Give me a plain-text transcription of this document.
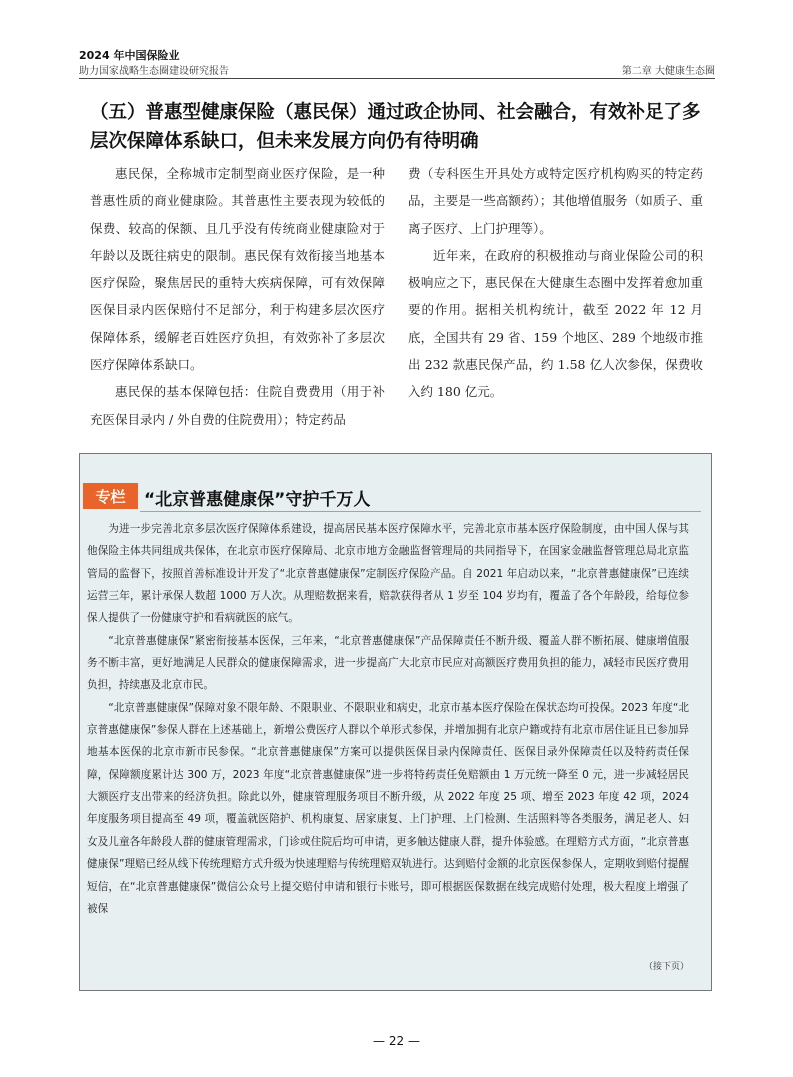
2024 年中国保险业
助力国家战略生态圈建设研究报告	第二章 大健康生态圈
（五）普惠型健康保险（惠民保）通过政企协同、社会融合，有效补足了多层次保障体系缺口，但未来发展方向仍有待明确

惠民保，全称城市定制型商业医疗保险，是一种普惠性质的商业健康险。其普惠性主要表现为较低的保费、较高的保额、且几乎没有传统商业健康险对于年龄以及既往病史的限制。惠民保有效衔接当地基本医疗保险，聚焦居民的重特大疾病保障，可有效保障医保目录内医保赔付不足部分，利于构建多层次医疗保障体系，缓解老百姓医疗负担，有效弥补了多层次医疗保障体系缺口。

惠民保的基本保障包括：住院自费费用（用于补充医保目录内 / 外自费的住院费用）；特定药品

费（专科医生开具处方或特定医疗机构购买的特定药品，主要是一些高额药）；其他增值服务（如质子、重离子医疗、上门护理等）。

近年来，在政府的积极推动与商业保险公司的积极响应之下，惠民保在大健康生态圈中发挥着愈加重要的作用。据相关机构统计，截至 2022 年 12 月底，全国共有 29 省、159 个地区、289 个地级市推出 232 款惠民保产品，约 1.58 亿人次参保，保费收入约 180 亿元。

专栏	“北京普惠健康保”守护千万人

为进一步完善北京多层次医疗保障体系建设，提高居民基本医疗保障水平，完善北京市基本医疗保险制度，由中国人保与其他保险主体共同组成共保体，在北京市医疗保障局、北京市地方金融监督管理局的共同指导下，在国家金融监督管理总局北京监管局的监督下，按照首善标准设计开发了“北京普惠健康保”定制医疗保险产品。自 2021 年启动以来，“北京普惠健康保”已连续运营三年，累计承保人数超 1000 万人次。从理赔数据来看，赔款获得者从 1 岁至 104 岁均有，覆盖了各个年龄段，给每位参保人提供了一份健康守护和看病就医的底气。

“北京普惠健康保”紧密衔接基本医保，三年来，“北京普惠健康保”产品保障责任不断升级、覆盖人群不断拓展、健康增值服务不断丰富，更好地满足人民群众的健康保障需求，进一步提高广大北京市民应对高额医疗费用负担的能力，减轻市民医疗费用负担，持续惠及北京市民。

“北京普惠健康保”保障对象不限年龄、不限职业、不限职业和病史，北京市基本医疗保险在保状态均可投保。2023 年度“北京普惠健康保”参保人群在上述基础上，新增公费医疗人群以个单形式参保，并增加拥有北京户籍或持有北京市居住证且已参加异地基本医保的北京市新市民参保。“北京普惠健康保”方案可以提供医保目录内保障责任、医保目录外保障责任以及特药责任保障，保障额度累计达 300 万，2023 年度“北京普惠健康保”进一步将特药责任免赔额由 1 万元统一降至 0 元，进一步减轻居民大额医疗支出带来的经济负担。除此以外，健康管理服务项目不断升级，从 2022 年度 25 项、增至 2023 年度 42 项，2024 年度服务项目提高至 49 项，覆盖就医陪护、机构康复、居家康复、上门护理、上门检测、生活照料等各类服务，满足老人、妇女及儿童各年龄段人群的健康管理需求，门诊或住院后均可申请，更多触达健康人群，提升体验感。在理赔方式方面，“北京普惠健康保”理赔已经从线下传统理赔方式升级为快速理赔与传统理赔双轨进行。达到赔付金额的北京医保参保人，定期收到赔付提醒短信，在“北京普惠健康保”微信公众号上提交赔付申请和银行卡账号，即可根据医保数据在线完成赔付处理，极大程度上增强了被保

（接下页）
— 22 —
